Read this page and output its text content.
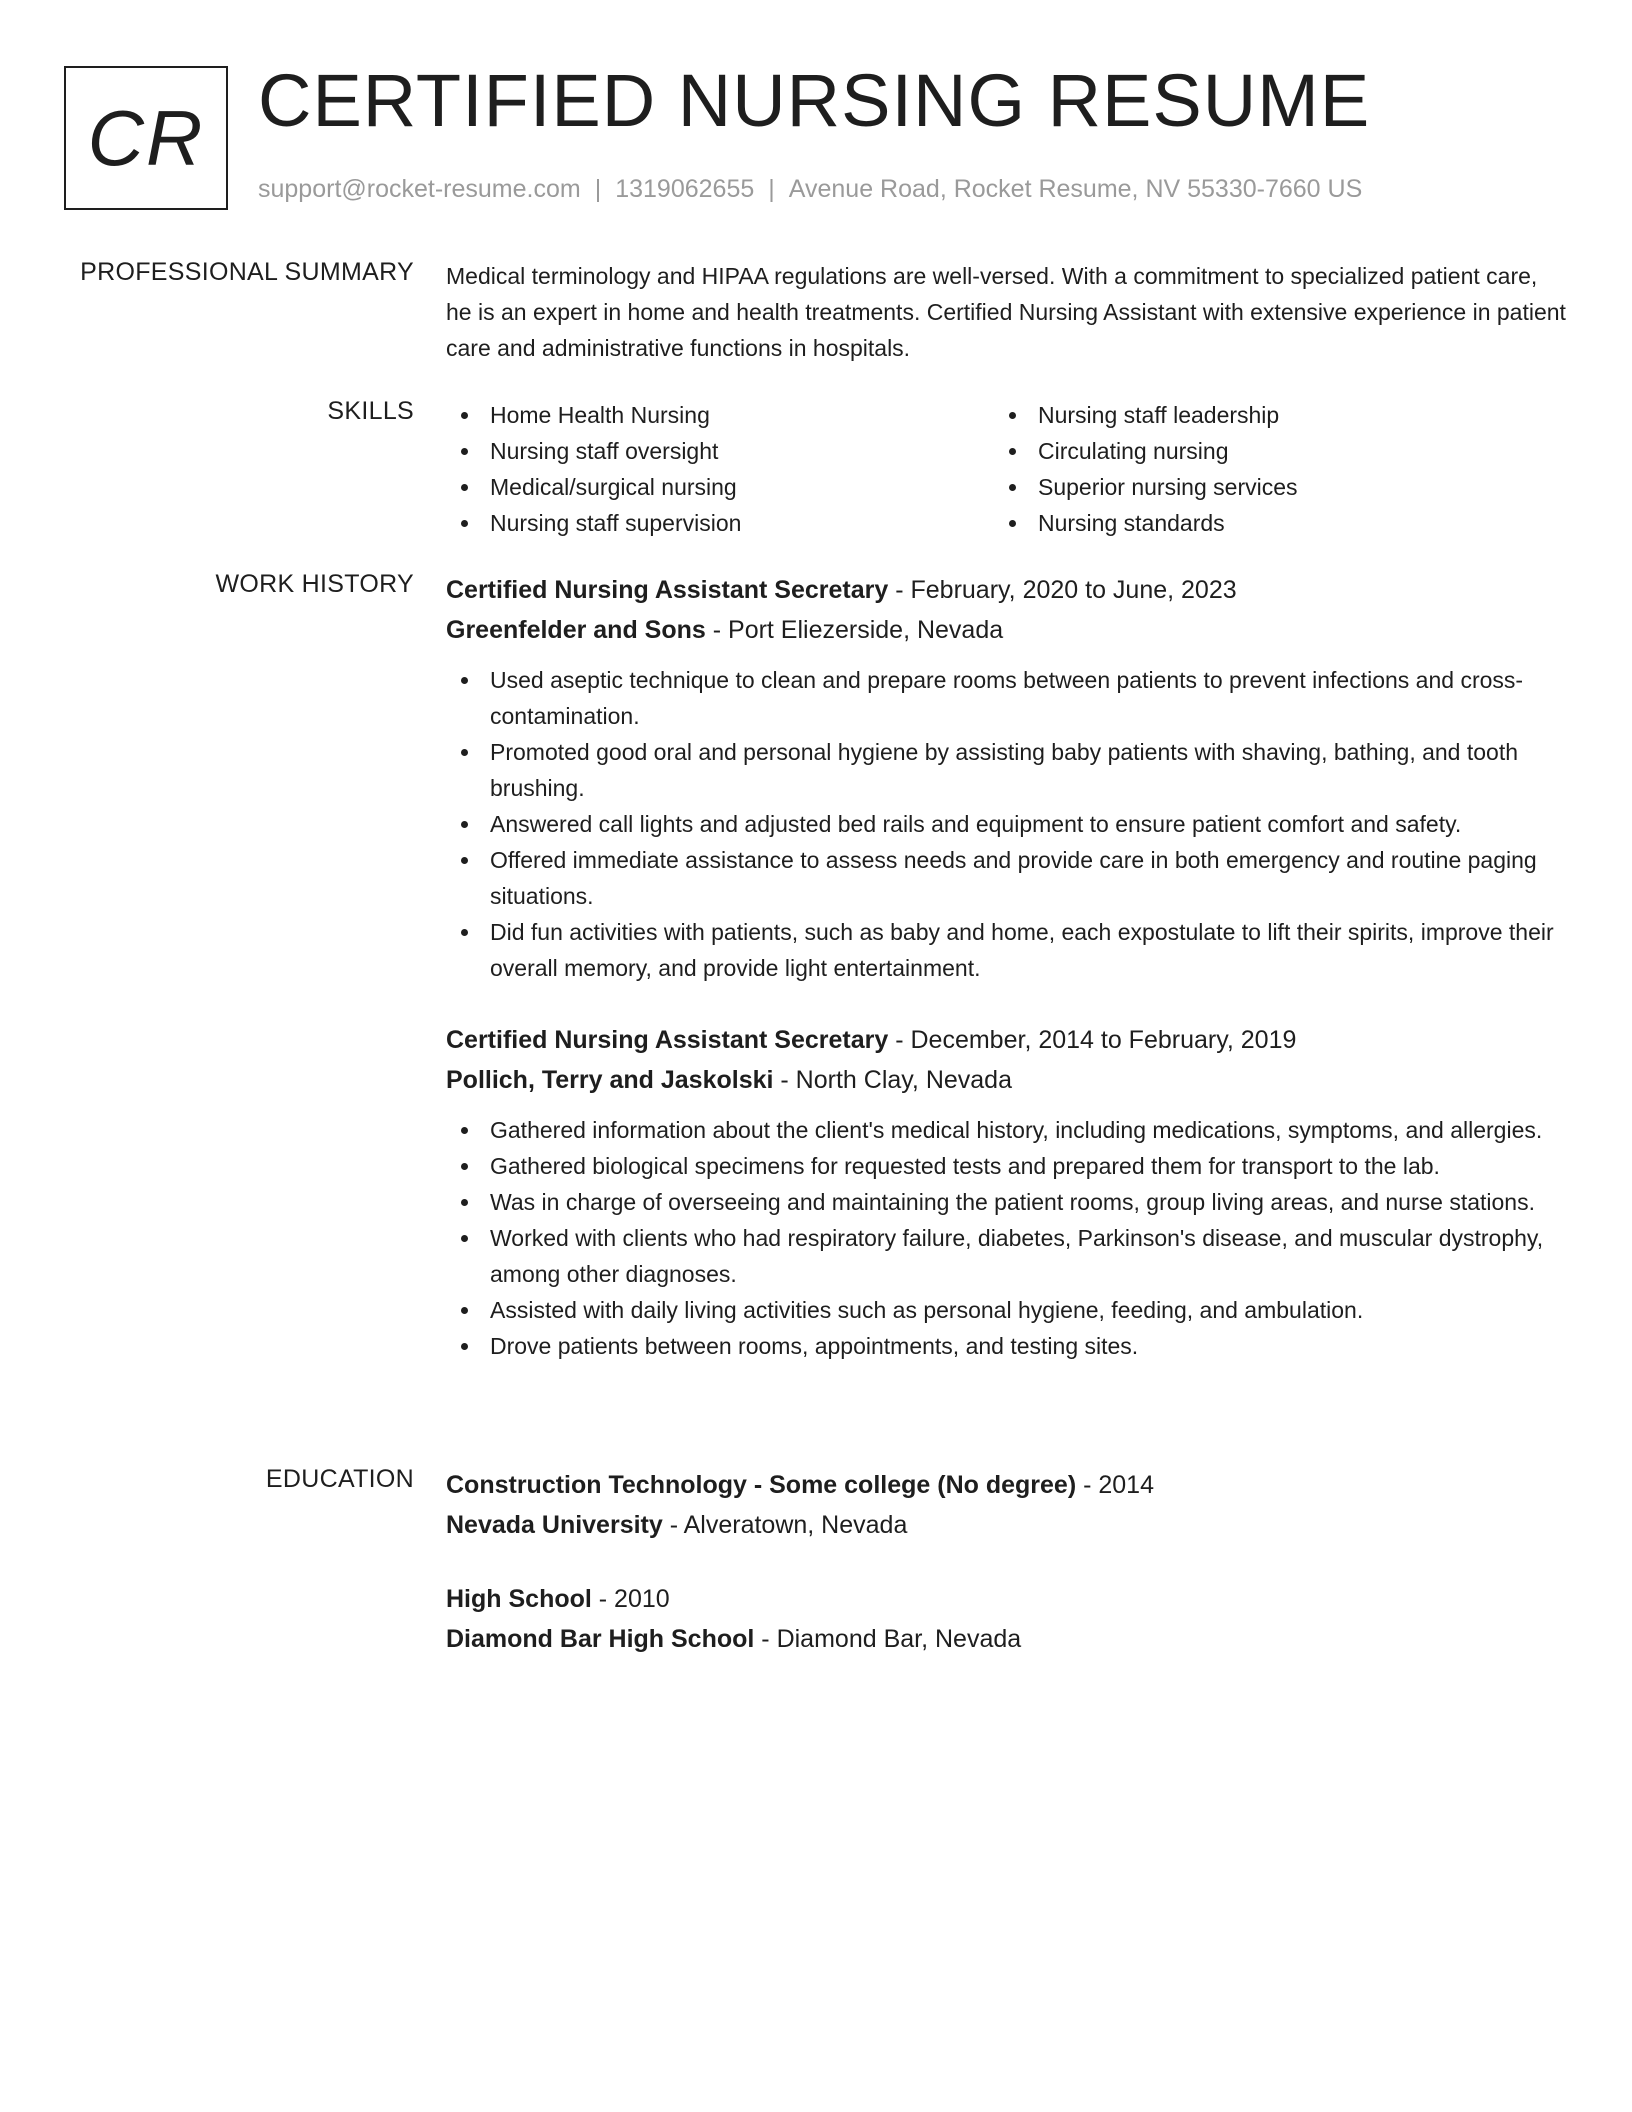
CR CERTIFIED NURSING RESUME
support@rocket-resume.com | 1319062655 | Avenue Road, Rocket Resume, NV 55330-7660 US
PROFESSIONAL SUMMARY Medical terminology and HIPAA regulations are well-versed. With a commitment to specialized patient care, he is an expert in home and health treatments. Certified Nursing Assistant with extensive experience in patient care and administrative functions in hospitals.

SKILLS	Home Health Nursing
Nursing staff oversight
Medical/surgical nursing
Nursing staff supervision
Nursing staff leadership
Circulating nursing
Superior nursing services
Nursing standards
WORK HISTORY Certified Nursing Assistant Secretary - February, 2020 to June, 2023
Greenfelder and Sons - Port Eliezerside, Nevada
Used aseptic technique to clean and prepare rooms between patients to prevent infections and cross-contamination.
Promoted good oral and personal hygiene by assisting baby patients with shaving, bathing, and tooth brushing.
Answered call lights and adjusted bed rails and equipment to ensure patient comfort and safety.
Offered immediate assistance to assess needs and provide care in both emergency and routine paging situations.
Did fun activities with patients, such as baby and home, each expostulate to lift their spirits, improve their overall memory, and provide light entertainment.
Certified Nursing Assistant Secretary - December, 2014 to February, 2019
Pollich, Terry and Jaskolski - North Clay, Nevada
Gathered information about the client's medical history, including medications, symptoms, and allergies.
Gathered biological specimens for requested tests and prepared them for transport to the lab.
Was in charge of overseeing and maintaining the patient rooms, group living areas, and nurse stations.
Worked with clients who had respiratory failure, diabetes, Parkinson's disease, and muscular dystrophy, among other diagnoses.
Assisted with daily living activities such as personal hygiene, feeding, and ambulation.
Drove patients between rooms, appointments, and testing sites.
EDUCATION Construction Technology - Some college (No degree) - 2014
Nevada University - Alveratown, Nevada
High School - 2010
Diamond Bar High School - Diamond Bar, Nevada
